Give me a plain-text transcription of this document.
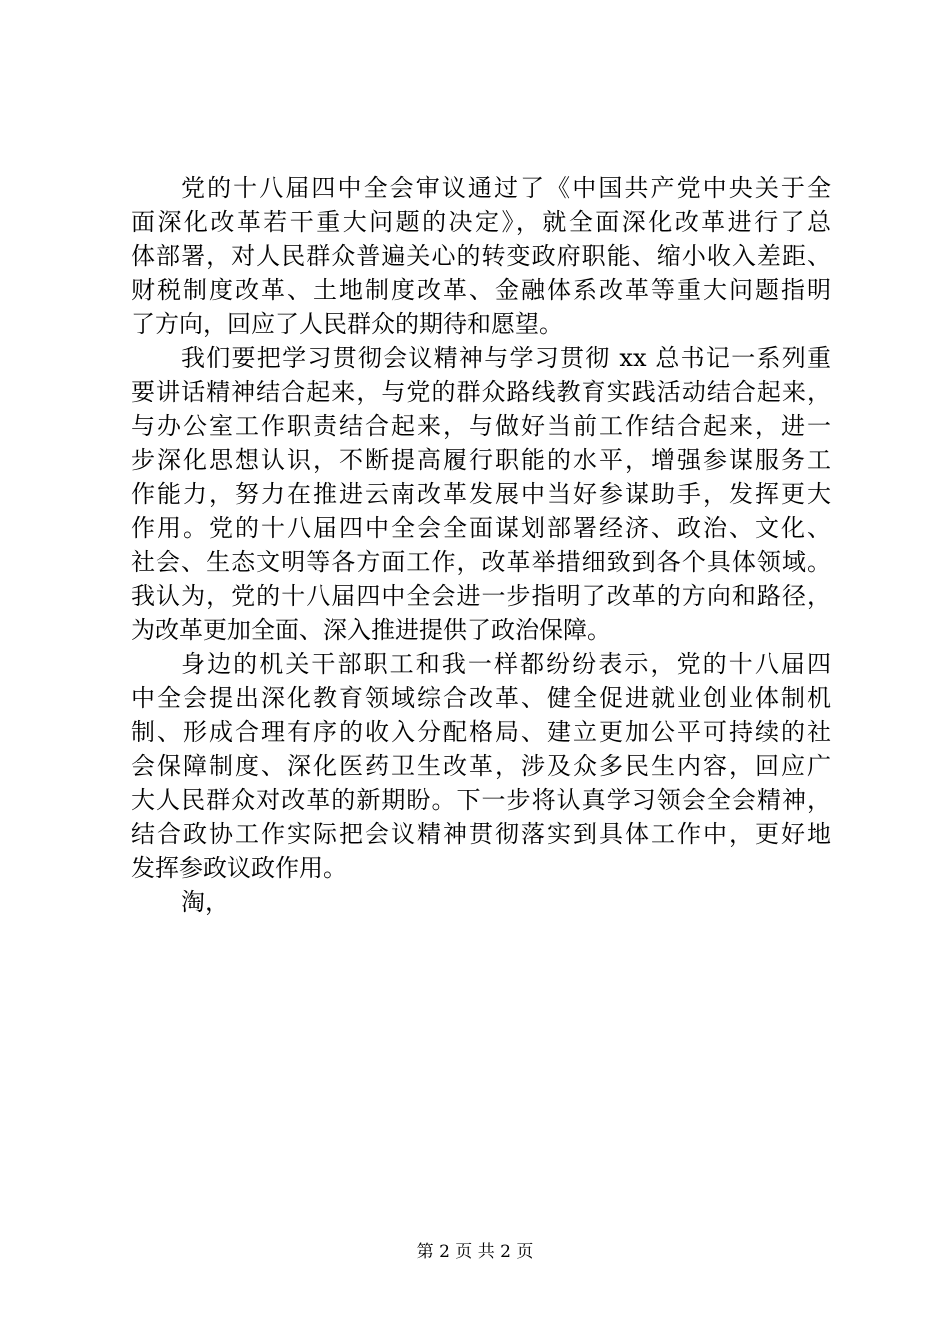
党的十八届四中全会审议通过了《中国共产党中央关于全
面深化改革若干重大问题的决定》，就全面深化改革进行了总
体部署，对人民群众普遍关心的转变政府职能、缩小收入差距、
财税制度改革、土地制度改革、金融体系改革等重大问题指明
了方向，回应了人民群众的期待和愿望。
我们要把学习贯彻会议精神与学习贯彻 xx 总书记一系列重
要讲话精神结合起来，与党的群众路线教育实践活动结合起来，
与办公室工作职责结合起来，与做好当前工作结合起来，进一
步深化思想认识，不断提高履行职能的水平，增强参谋服务工
作能力，努力在推进云南改革发展中当好参谋助手，发挥更大
作用。党的十八届四中全会全面谋划部署经济、政治、文化、
社会、生态文明等各方面工作，改革举措细致到各个具体领域。
我认为，党的十八届四中全会进一步指明了改革的方向和路径，
为改革更加全面、深入推进提供了政治保障。
身边的机关干部职工和我一样都纷纷表示，党的十八届四
中全会提出深化教育领域综合改革、健全促进就业创业体制机
制、形成合理有序的收入分配格局、建立更加公平可持续的社
会保障制度、深化医药卫生改革，涉及众多民生内容，回应广
大人民群众对改革的新期盼。下一步将认真学习领会全会精神，
结合政协工作实际把会议精神贯彻落实到具体工作中，更好地
发挥参政议政作用。
淘，
第 2 页 共 2 页
